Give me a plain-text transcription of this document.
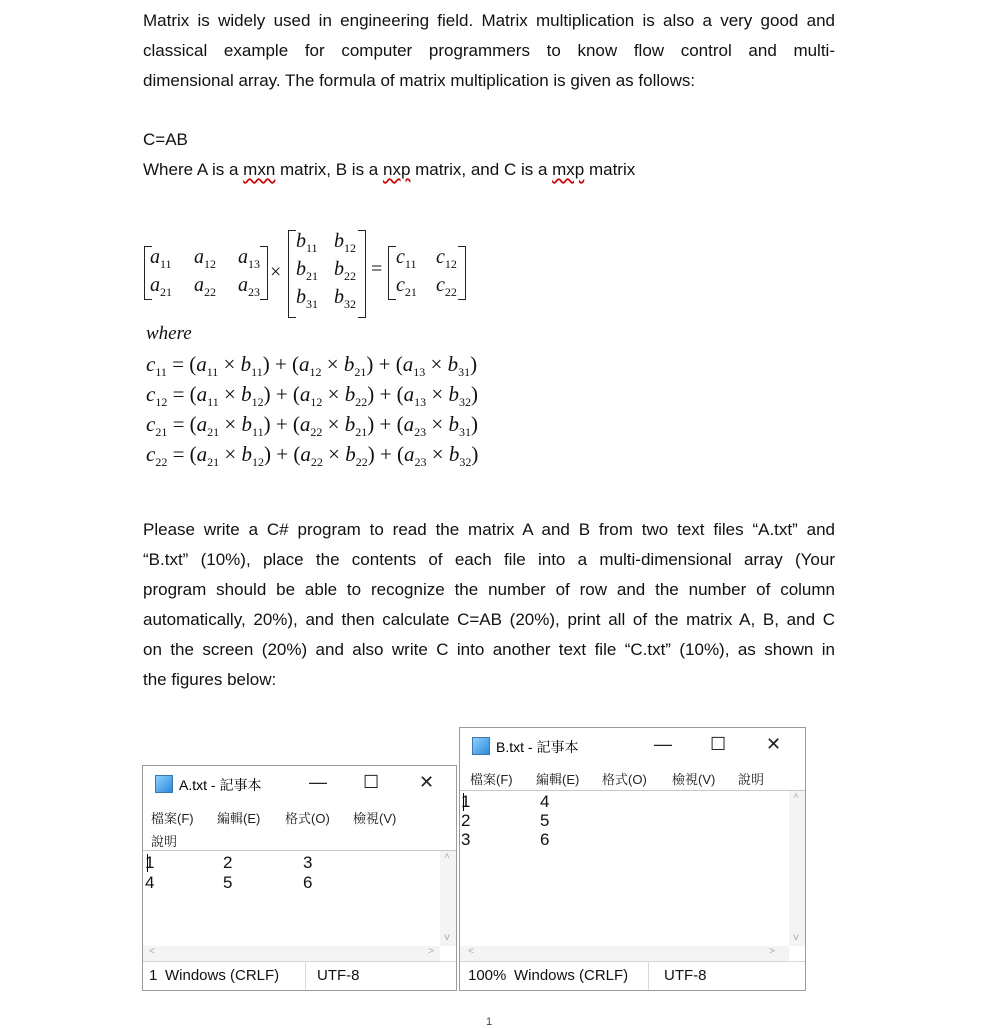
Matrix is widely used in engineering field. Matrix multiplication is also a very good and
classical example for computer programmers to know flow control and multi-
dimensional array. The formula of matrix multiplication is given as follows:
C=AB
Where A is a mxn matrix, B is a nxp matrix, and C is a mxp matrix
×	=
$a_{11}$ $a_{12}$ $a_{13}$
$a_{21}$ $a_{22}$ $a_{23}$
$b_{11}$ $b_{12}$
$b_{21}$ $b_{22}$
$b_{31}$ $b_{32}$
$c_{11}$ $c_{12}$
$c_{21}$ $c_{22}$
where
$c_{11} = (a_{11} \times b_{11}) + (a_{12} \times b_{21}) + (a_{13} \times b_{31})$
$c_{12} = (a_{11} \times b_{12}) + (a_{12} \times b_{22}) + (a_{13} \times b_{32})$
$c_{21} = (a_{21} \times b_{11}) + (a_{22} \times b_{21}) + (a_{23} \times b_{31})$
$c_{22} = (a_{21} \times b_{12}) + (a_{22} \times b_{22}) + (a_{23} \times b_{32})$
Please write a C# program to read the matrix A and B from two text files “A.txt” and
“B.txt” (10%), place the contents of each file into a multi-dimensional array (Your
program should be able to recognize the number of row and the number of column
automatically, 20%), and then calculate C=AB (20%), print all of the matrix A, B, and C
on the screen (20%) and also write C into another text file “C.txt” (10%), as shown in
the figures below:
A.txt - 記事本	— ☐ ✕
檔案(F) 編輯(E) 格式(O) 檢視(V)
說明
1	2	3
4	5	6
^
v
<	>
1 Windows (CRLF)	UTF-8
B.txt - 記事本	— ☐ ✕
檔案(F) 編輯(E) 格式(O) 檢視(V) 說明
1	4
2	5
3	6
^
v
<	>
100% Windows (CRLF) UTF-8
1
